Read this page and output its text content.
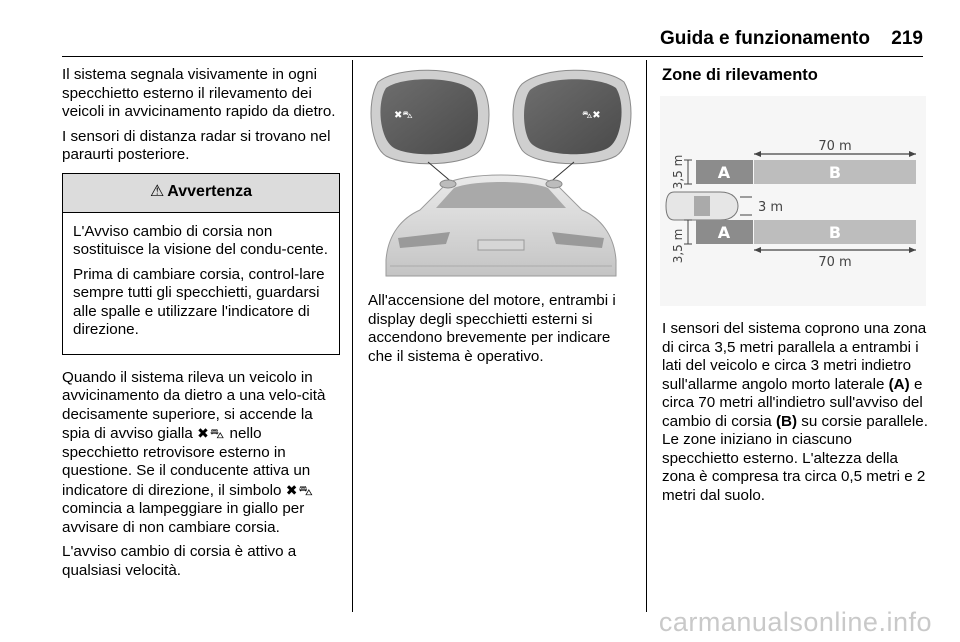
Guida e funzionamento 219

Il sistema segnala visivamente in ogni specchietto esterno il rilevamento dei veicoli in avvicinamento rapido da dietro.

I sensori di distanza radar si trovano nel paraurti posteriore.

⚠ Avvertenza

L'Avviso cambio di corsia non sostituisce la visione del condu-cente.

Prima di cambiare corsia, control-lare sempre tutti gli specchietti, guardarsi alle spalle e utilizzare l'indicatore di direzione.

Quando il sistema rileva un veicolo in avvicinamento da dietro a una velo-cità decisamente superiore, si accende la spia di avviso gialla ✖⛍ nello specchietto retrovisore esterno in questione. Se il conducente attiva un indicatore di direzione, il simbolo ✖⛍ comincia a lampeggiare in giallo per avvisare di non cambiare corsia.

L'avviso cambio di corsia è attivo a qualsiasi velocità.

✖⛍	⛍✖

All'accensione del motore, entrambi i display degli specchietti esterni si accendono brevemente per indicare che il sistema è operativo.

Zone di rilevamento
70 m
A	B
3,5 m
3 m
A	B
3,5 m	70 m

I sensori del sistema coprono una zona di circa 3,5 metri parallela a entrambi i lati del veicolo e circa 3 metri indietro sull'allarme angolo morto laterale (A) e circa 70 metri all'indietro sull'avviso del cambio di corsia (B) su corsie parallele. Le zone iniziano in ciascuno specchietto esterno. L'altezza della zona è compresa tra circa 0,5 metri e 2 metri dal suolo.

carmanualsonline.info
